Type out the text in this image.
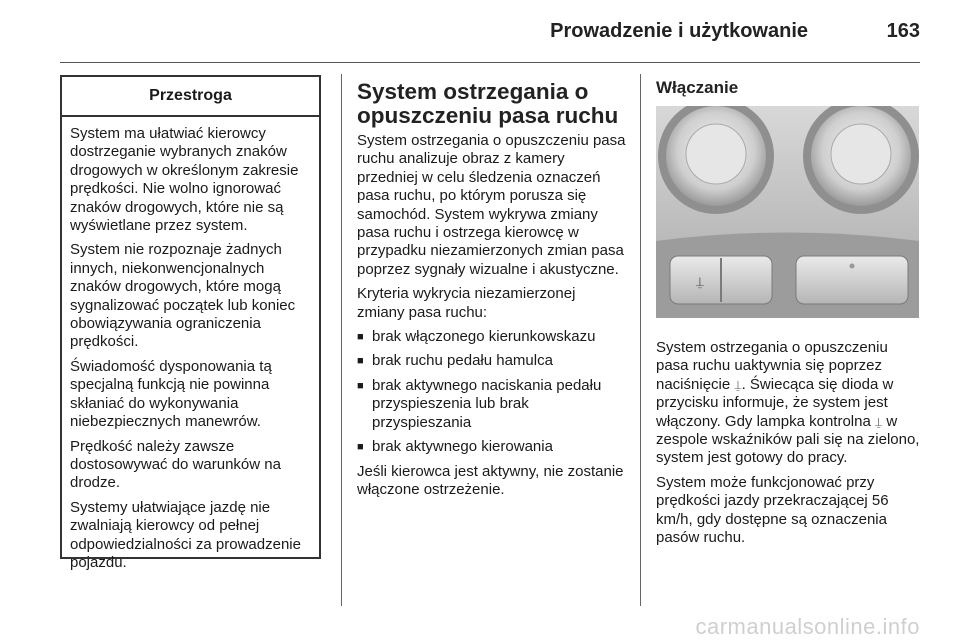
Prowadzenie i użytkowanie	163
Przestroga

System ma ułatwiać kierowcy dostrzeganie wybranych znaków drogowych w określonym zakresie prędkości. Nie wolno ignorować znaków drogowych, które nie są wyświetlane przez system.

System nie rozpoznaje żadnych innych, niekonwencjonalnych znaków drogowych, które mogą sygnalizować początek lub koniec obowiązywania ograniczenia prędkości.

Świadomość dysponowania tą specjalną funkcją nie powinna skłaniać do wykonywania niebezpiecznych manewrów.

Prędkość należy zawsze dostosowywać do warunków na drodze.

Systemy ułatwiające jazdę nie zwalniają kierowcy od pełnej odpowiedzialności za prowadzenie pojazdu.

System ostrzegania o opuszczeniu pasa ruchu

System ostrzegania o opuszczeniu pasa ruchu analizuje obraz z kamery przedniej w celu śledzenia oznaczeń pasa ruchu, po którym porusza się samochód. System wykrywa zmiany pasa ruchu i ostrzega kierowcę w przypadku niezamierzonych zmian pasa poprzez sygnały wizualne i akustyczne.

Kryteria wykrycia niezamierzonej zmiany pasa ruchu:

■ brak włączonego kierunkowskazu
■ brak ruchu pedału hamulca
■ brak aktywnego naciskania pedału przyspieszenia lub brak przyspieszania
■ brak aktywnego kierowania

Jeśli kierowca jest aktywny, nie zostanie włączone ostrzeżenie.

Włączanie
⍊

System ostrzegania o opuszczeniu pasa ruchu uaktywnia się poprzez naciśnięcie ⍊. Świecąca się dioda w przycisku informuje, że system jest włączony. Gdy lampka kontrolna ⍊ w zespole wskaźników pali się na zielono, system jest gotowy do pracy.

System może funkcjonować przy prędkości jazdy przekraczającej 56 km/h, gdy dostępne są oznaczenia pasów ruchu.

carmanualsonline.info
